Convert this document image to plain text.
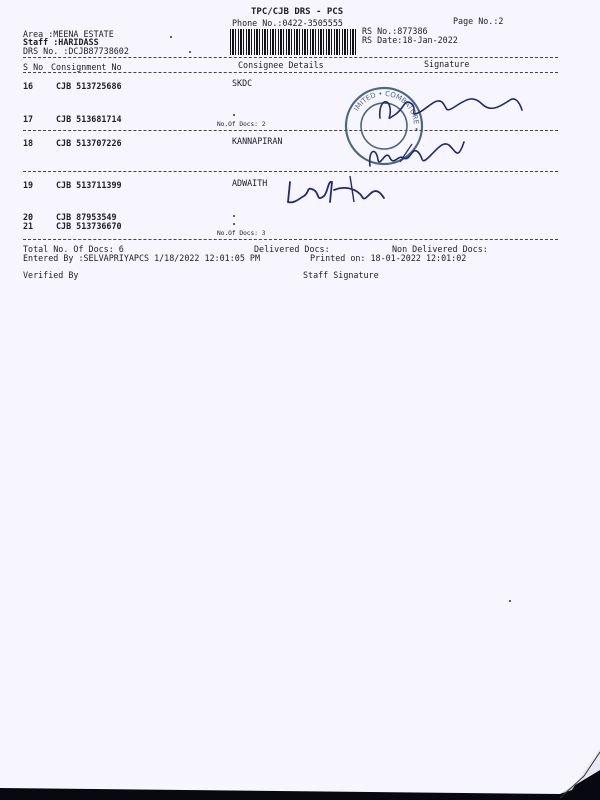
TPC/CJB DRS - PCS
Phone No.:0422-3505555	Page No.:2
Area :MEENA ESTATE
Staff :HARIDASS
DRS No. :DCJB87738602
RS No.:877386
RS Date:18-Jan-2022
S No Consignment No	Consignee Details	Signature
16	CJB 513725686	SKDC
17	CJB 513681714
No.Of Docs: 2
18	CJB 513707226	KANNAPIRAN
19	CJB 513711399	ADWAITH
20	CJB 87953549
21	CJB 513736670
No.Of Docs: 3
Total No. Of Docs: 6	Delivered Docs:	Non Delivered Docs:
Entered By :SELVAPRIYAPCS 1/18/2022 12:01:05 PM	Printed on: 18-01-2022 12:01:02
Verified By	Staff Signature
IMITED • COMBATORE •
